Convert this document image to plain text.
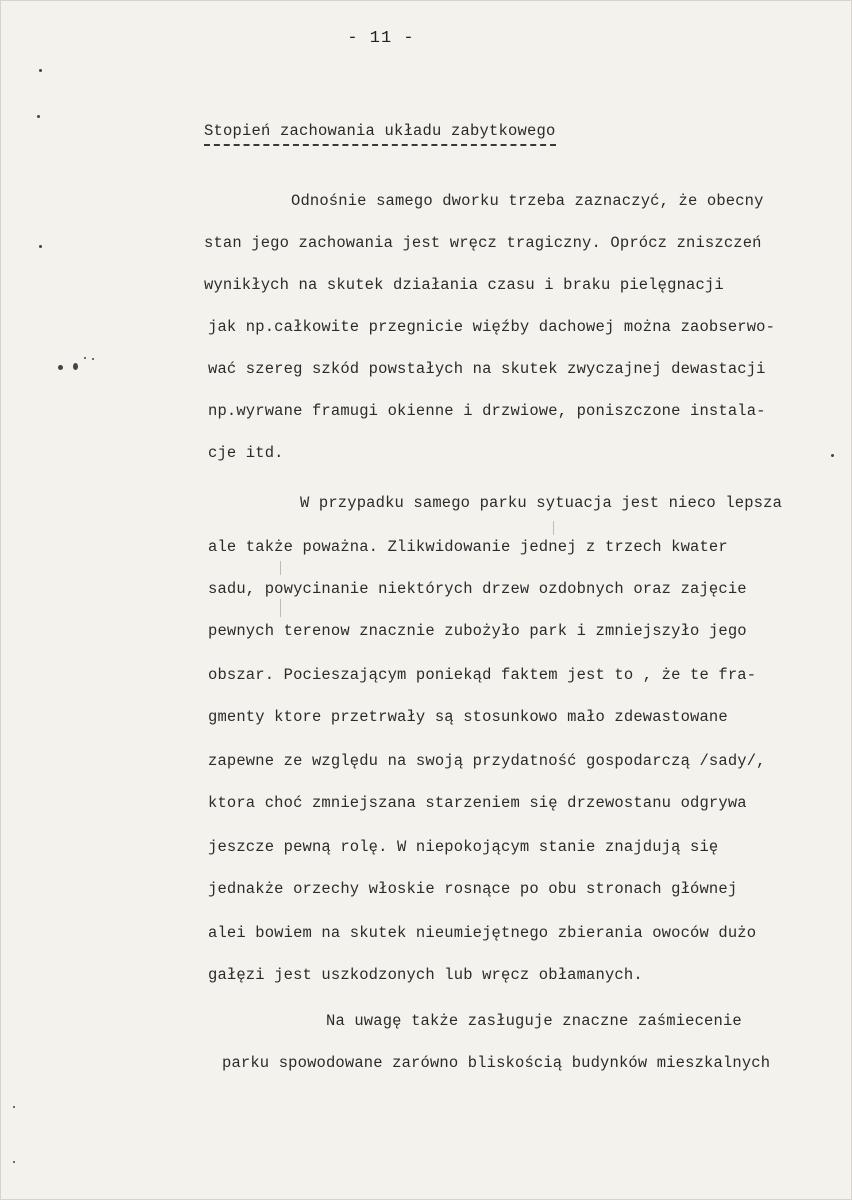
- 11 -
Stopień zachowania układu zabytkowego
Odnośnie samego dworku trzeba zaznaczyć, że obecny
stan jego zachowania jest wręcz tragiczny. Oprócz zniszczeń
wynikłych na skutek działania czasu i braku pielęgnacji
jak np.całkowite przegnicie więźby dachowej można zaobserwo-
wać szereg szkód powstałych na skutek zwyczajnej dewastacji
np.wyrwane framugi okienne i drzwiowe, poniszczone instala-
cje itd.
W przypadku samego parku sytuacja jest nieco lepsza
ale także poważna. Zlikwidowanie jednej z trzech kwater
sadu, powycinanie niektórych drzew ozdobnych oraz zajęcie
pewnych terenow znacznie zubożyło park i zmniejszyło jego
obszar. Pocieszającym poniekąd faktem jest to , że te fra-
gmenty ktore przetrwały są stosunkowo mało zdewastowane
zapewne ze względu na swoją przydatność gospodarczą /sady/,
ktora choć zmniejszana starzeniem się drzewostanu odgrywa
jeszcze pewną rolę. W niepokojącym stanie znajdują się
jednakże orzechy włoskie rosnące po obu stronach głównej
alei bowiem na skutek nieumiejętnego zbierania owoców dużo
gałęzi jest uszkodzonych lub wręcz obłamanych.
Na uwagę także zasługuje znaczne zaśmiecenie
parku spowodowane zarówno bliskością budynków mieszkalnych
